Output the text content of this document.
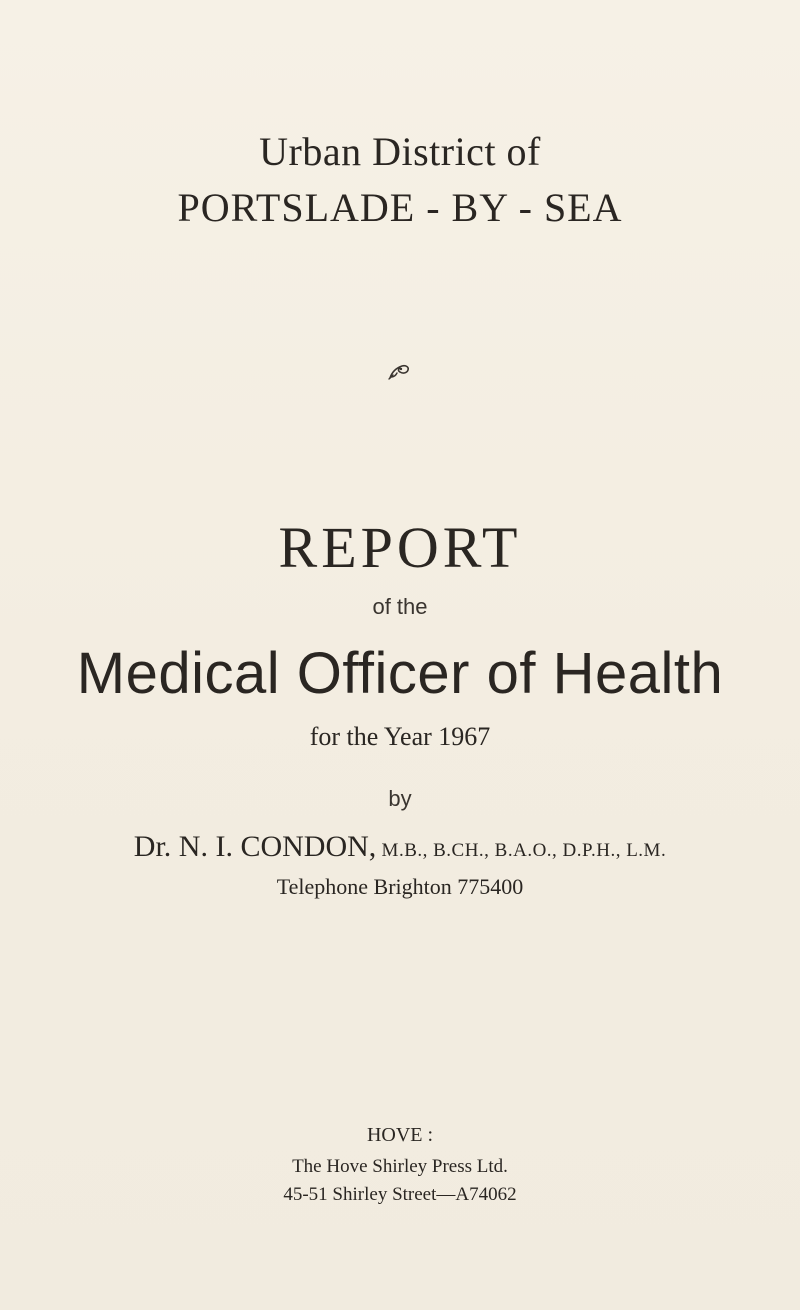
Urban District of
PORTSLADE - BY - SEA
REPORT
of the
Medical Officer of Health
for the Year 1967
by
Dr. N. I. CONDON, M.B., B.CH., B.A.O., D.P.H., L.M.
Telephone Brighton 775400
HOVE :
The Hove Shirley Press Ltd.
45-51 Shirley Street—A74062
